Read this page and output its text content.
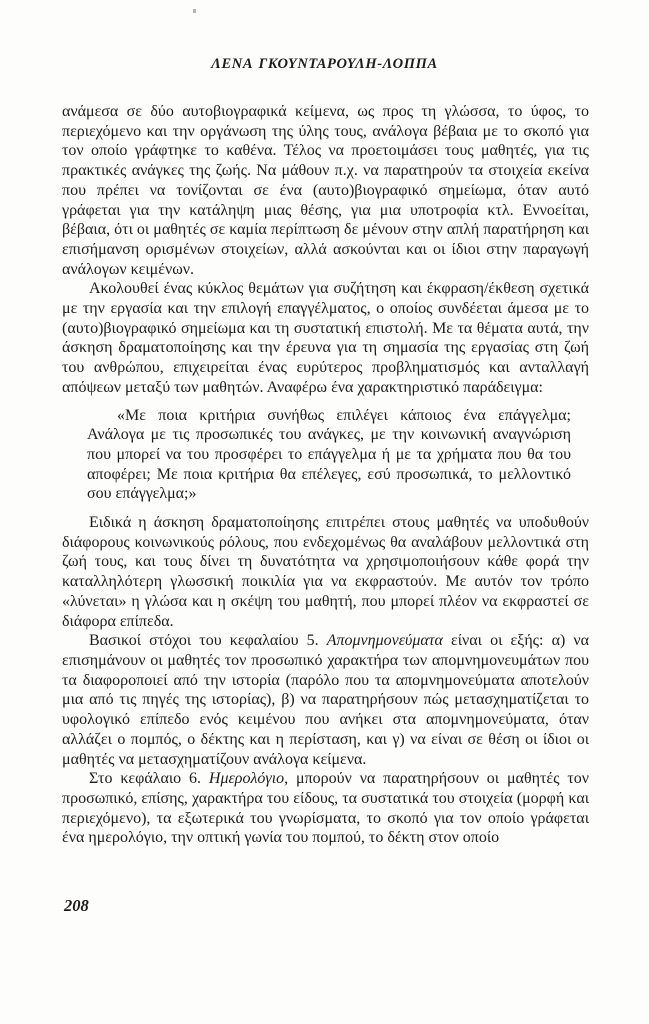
ΛΕΝΑ ΓΚΟΥΝΤΑΡΟΥΛΗ-ΛΟΠΠΑ

ανάμεσα σε δύο αυτοβιογραφικά κείμενα, ως προς τη γλώσσα, το ύφος, το περιεχόμενο και την οργάνωση της ύλης τους, ανάλογα βέβαια με το σκοπό για τον οποίο γράφτηκε το καθένα. Τέλος να προετοιμάσει τους μαθητές, για τις πρακτικές ανάγκες της ζωής. Να μάθουν π.χ. να παρατηρούν τα στοιχεία εκείνα που πρέπει να τονίζονται σε ένα (αυτο)βιογραφικό σημείωμα, όταν αυτό γράφεται για την κατάληψη μιας θέσης, για μια υποτροφία κτλ. Εννοείται, βέβαια, ότι οι μαθητές σε καμία περίπτωση δε μένουν στην απλή παρατήρηση και επισήμανση ορισμένων στοιχείων, αλλά ασκούνται και οι ίδιοι στην παραγωγή ανάλογων κειμένων.

Ακολουθεί ένας κύκλος θεμάτων για συζήτηση και έκφραση/έκθεση σχετικά με την εργασία και την επιλογή επαγγέλματος, ο οποίος συνδέεται άμεσα με το (αυτο)βιογραφικό σημείωμα και τη συστατική επιστολή. Με τα θέματα αυτά, την άσκηση δραματοποίησης και την έρευνα για τη σημασία της εργασίας στη ζωή του ανθρώπου, επιχειρείται ένας ευρύτερος προβληματισμός και ανταλλαγή απόψεων μεταξύ των μαθητών. Αναφέρω ένα χαρακτηριστικό παράδειγμα:

«Με ποια κριτήρια συνήθως επιλέγει κάποιος ένα επάγγελμα; Ανάλογα με τις προσωπικές του ανάγκες, με την κοινωνική αναγνώριση που μπορεί να του προσφέρει το επάγγελμα ή με τα χρήματα που θα του αποφέρει; Με ποια κριτήρια θα επέλεγες, εσύ προσωπικά, το μελλοντικό σου επάγγελμα;»

Ειδικά η άσκηση δραματοποίησης επιτρέπει στους μαθητές να υποδυθούν διάφορους κοινωνικούς ρόλους, που ενδεχομένως θα αναλάβουν μελλοντικά στη ζωή τους, και τους δίνει τη δυνατότητα να χρησιμοποιήσουν κάθε φορά την καταλληλότερη γλωσσική ποικιλία για να εκφραστούν. Με αυτόν τον τρόπο «λύνεται» η γλώσα και η σκέψη του μαθητή, που μπορεί πλέον να εκφραστεί σε διάφορα επίπεδα.

Βασικοί στόχοι του κεφαλαίου 5. Απομνημονεύματα είναι οι εξής: α) να επισημάνουν οι μαθητές τον προσωπικό χαρακτήρα των απομνημονευμάτων που τα διαφοροποιεί από την ιστορία (παρόλο που τα απομνημονεύματα αποτελούν μια από τις πηγές της ιστορίας), β) να παρατηρήσουν πώς μετασχηματίζεται το υφολογικό επίπεδο ενός κειμένου που ανήκει στα απομνημονεύματα, όταν αλλάζει ο πομπός, ο δέκτης και η περίσταση, και γ) να είναι σε θέση οι ίδιοι οι μαθητές να μετασχηματίζουν ανάλογα κείμενα.

Στο κεφάλαιο 6. Ημερολόγιο, μπορούν να παρατηρήσουν οι μαθητές τον προσωπικό, επίσης, χαρακτήρα του είδους, τα συστατικά του στοιχεία (μορφή και περιεχόμενο), τα εξωτερικά του γνωρίσματα, το σκοπό για τον οποίο γράφεται ένα ημερολόγιο, την οπτική γωνία του πομπού, το δέκτη στον οποίο

208
